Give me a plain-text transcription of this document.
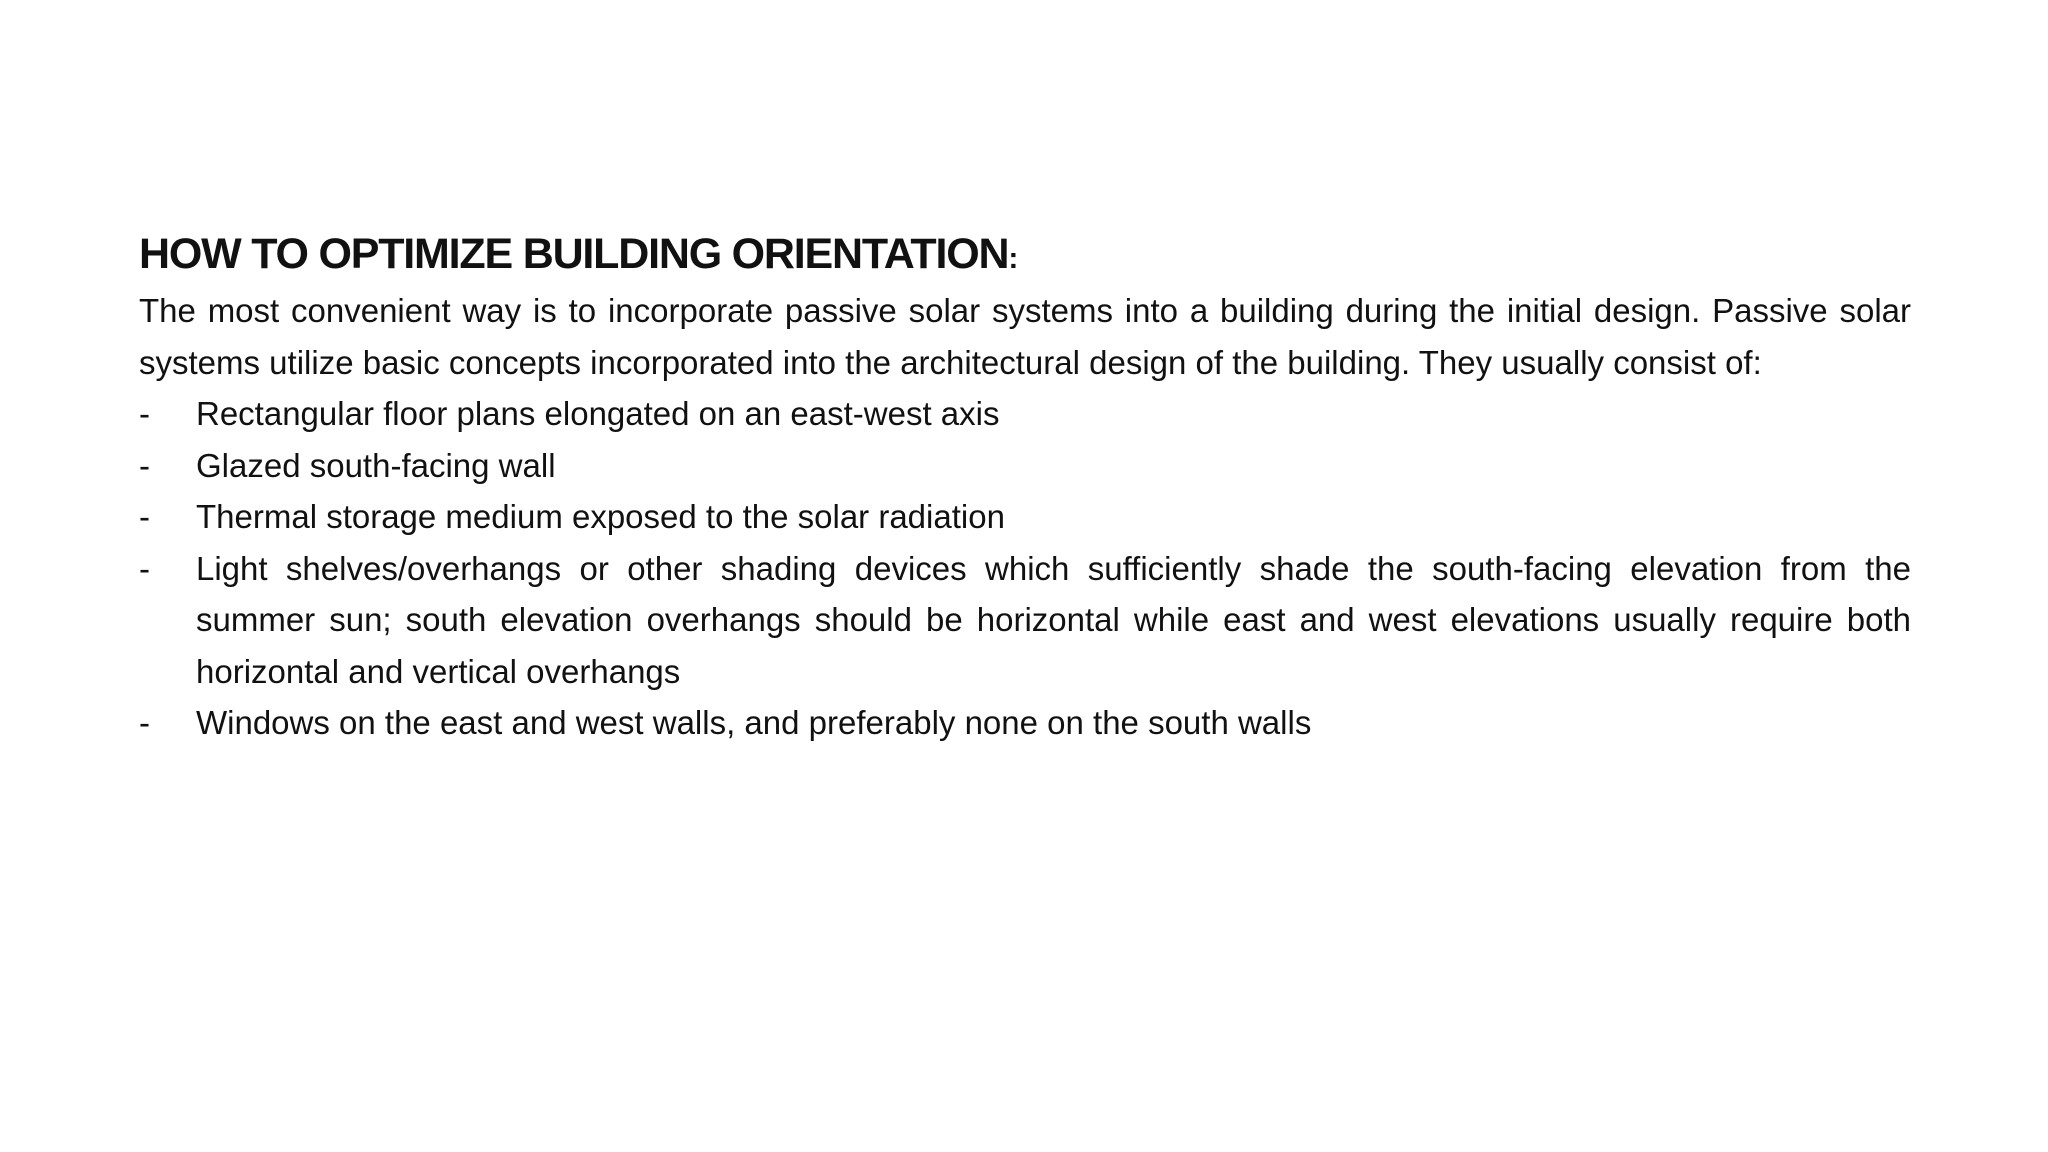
HOW TO OPTIMIZE BUILDING ORIENTATION:

The most convenient way is to incorporate passive solar systems into a building during the initial design. Passive solar systems utilize basic concepts incorporated into the architectural design of the building. They usually consist of:

-	Rectangular floor plans elongated on an east-west axis
-	Glazed south-facing wall
-	Thermal storage medium exposed to the solar radiation
-	Light shelves/overhangs or other shading devices which sufficiently shade the south-facing elevation from the summer sun; south elevation overhangs should be horizontal while east and west elevations usually require both horizontal and vertical overhangs
-	Windows on the east and west walls, and preferably none on the south walls
